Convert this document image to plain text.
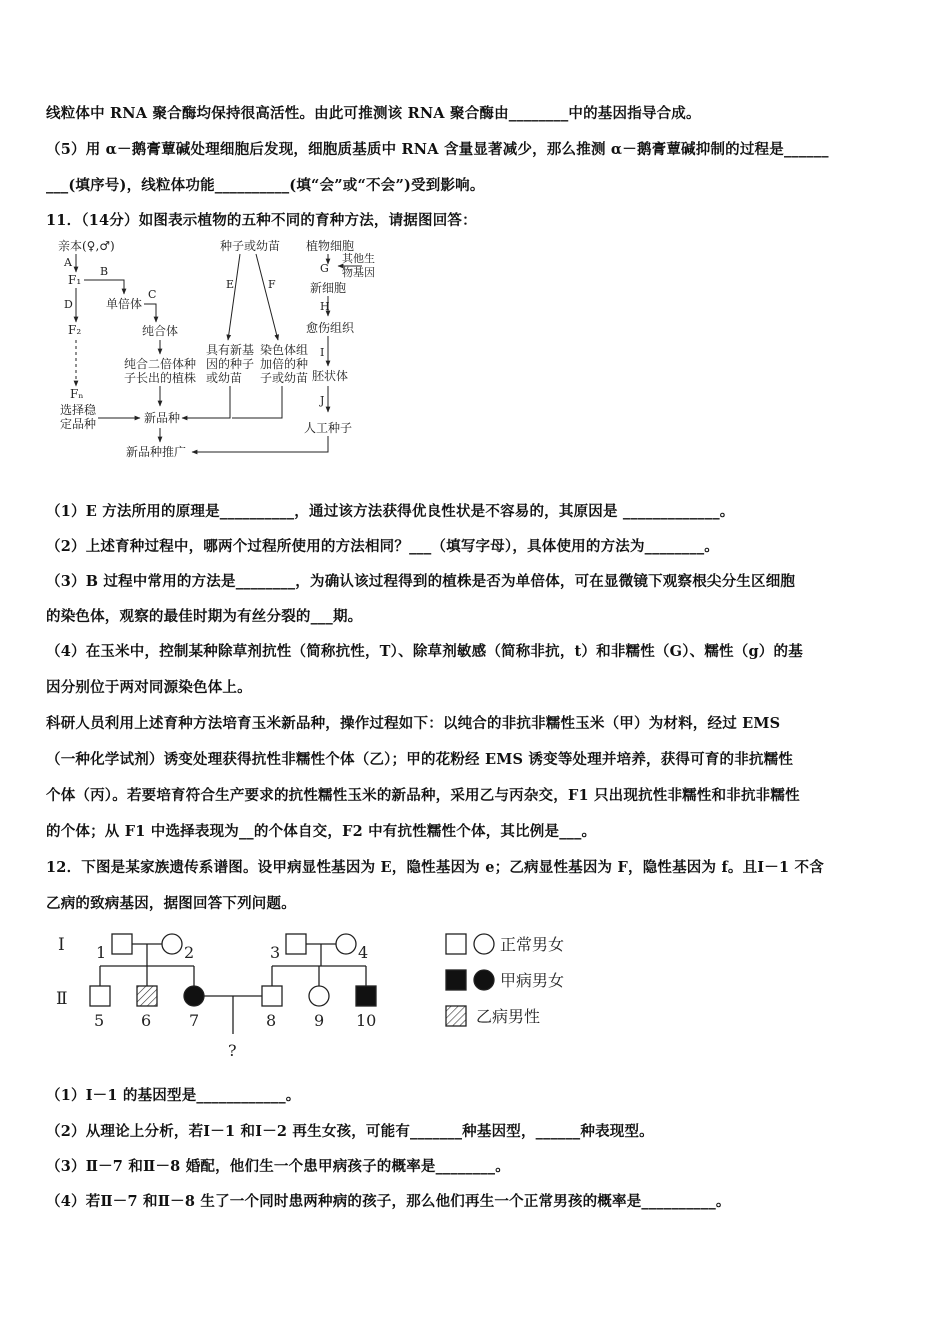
线粒体中 RNA 聚合酶均保持很高活性。由此可推测该 RNA 聚合酶由________中的基因指导合成。
（5）用 α－鹅膏蕈碱处理细胞后发现，细胞质基质中 RNA 含量显著减少，那么推测 α－鹅膏蕈碱抑制的过程是______
___(填序号)，线粒体功能__________(填“会”或“不会”)受到影响。
11．（14分）如图表示植物的五种不同的育种方法，请据图回答：
亲本(♀,♂)
A
F₁
B
单倍体
C
纯合体
纯合二倍体种
子长出的植株
D
F₂
Fₙ
选择稳
定品种	新品种
新品种推广
种子或幼苗
E	F
具有新基
因的种子
或幼苗
染色体组
加倍的种
子或幼苗
植物细胞
其他生
物基因
G
新细胞
H
愈伤组织
I
胚状体
J
人工种子
（1）E 方法所用的原理是__________，通过该方法获得优良性状是不容易的，其原因是 _____________。
（2）上述育种过程中，哪两个过程所使用的方法相同？___（填写字母），具体使用的方法为________。
（3）B 过程中常用的方法是________，为确认该过程得到的植株是否为单倍体，可在显微镜下观察根尖分生区细胞
的染色体，观察的最佳时期为有丝分裂的___期。
（4）在玉米中，控制某种除草剂抗性（简称抗性，T）、除草剂敏感（简称非抗，t）和非糯性（G）、糯性（g）的基
因分别位于两对同源染色体上。
科研人员利用上述育种方法培育玉米新品种，操作过程如下：以纯合的非抗非糯性玉米（甲）为材料，经过 EMS
（一种化学试剂）诱变处理获得抗性非糯性个体（乙）；甲的花粉经 EMS 诱变等处理并培养，获得可育的非抗糯性
个体（丙）。若要培育符合生产要求的抗性糯性玉米的新品种，采用乙与丙杂交，F1 只出现抗性非糯性和非抗非糯性
的个体；从 F1 中选择表现为__的个体自交，F2 中有抗性糯性个体，其比例是___。
12．下图是某家族遗传系谱图。设甲病显性基因为 E，隐性基因为 e；乙病显性基因为 F，隐性基因为 f。且Ⅰ－1 不含
乙病的致病基因，据图回答下列问题。
Ⅰ
Ⅱ
1	2	3	4
5 6 7	8 9 10
?
正常男女
甲病男女
乙病男性
（1）Ⅰ－1 的基因型是____________。
（2）从理论上分析，若Ⅰ－1 和Ⅰ－2 再生女孩，可能有_______种基因型，______种表现型。
（3）Ⅱ－7 和Ⅱ－8 婚配，他们生一个患甲病孩子的概率是________。
（4）若Ⅱ－7 和Ⅱ－8 生了一个同时患两种病的孩子，那么他们再生一个正常男孩的概率是__________。
